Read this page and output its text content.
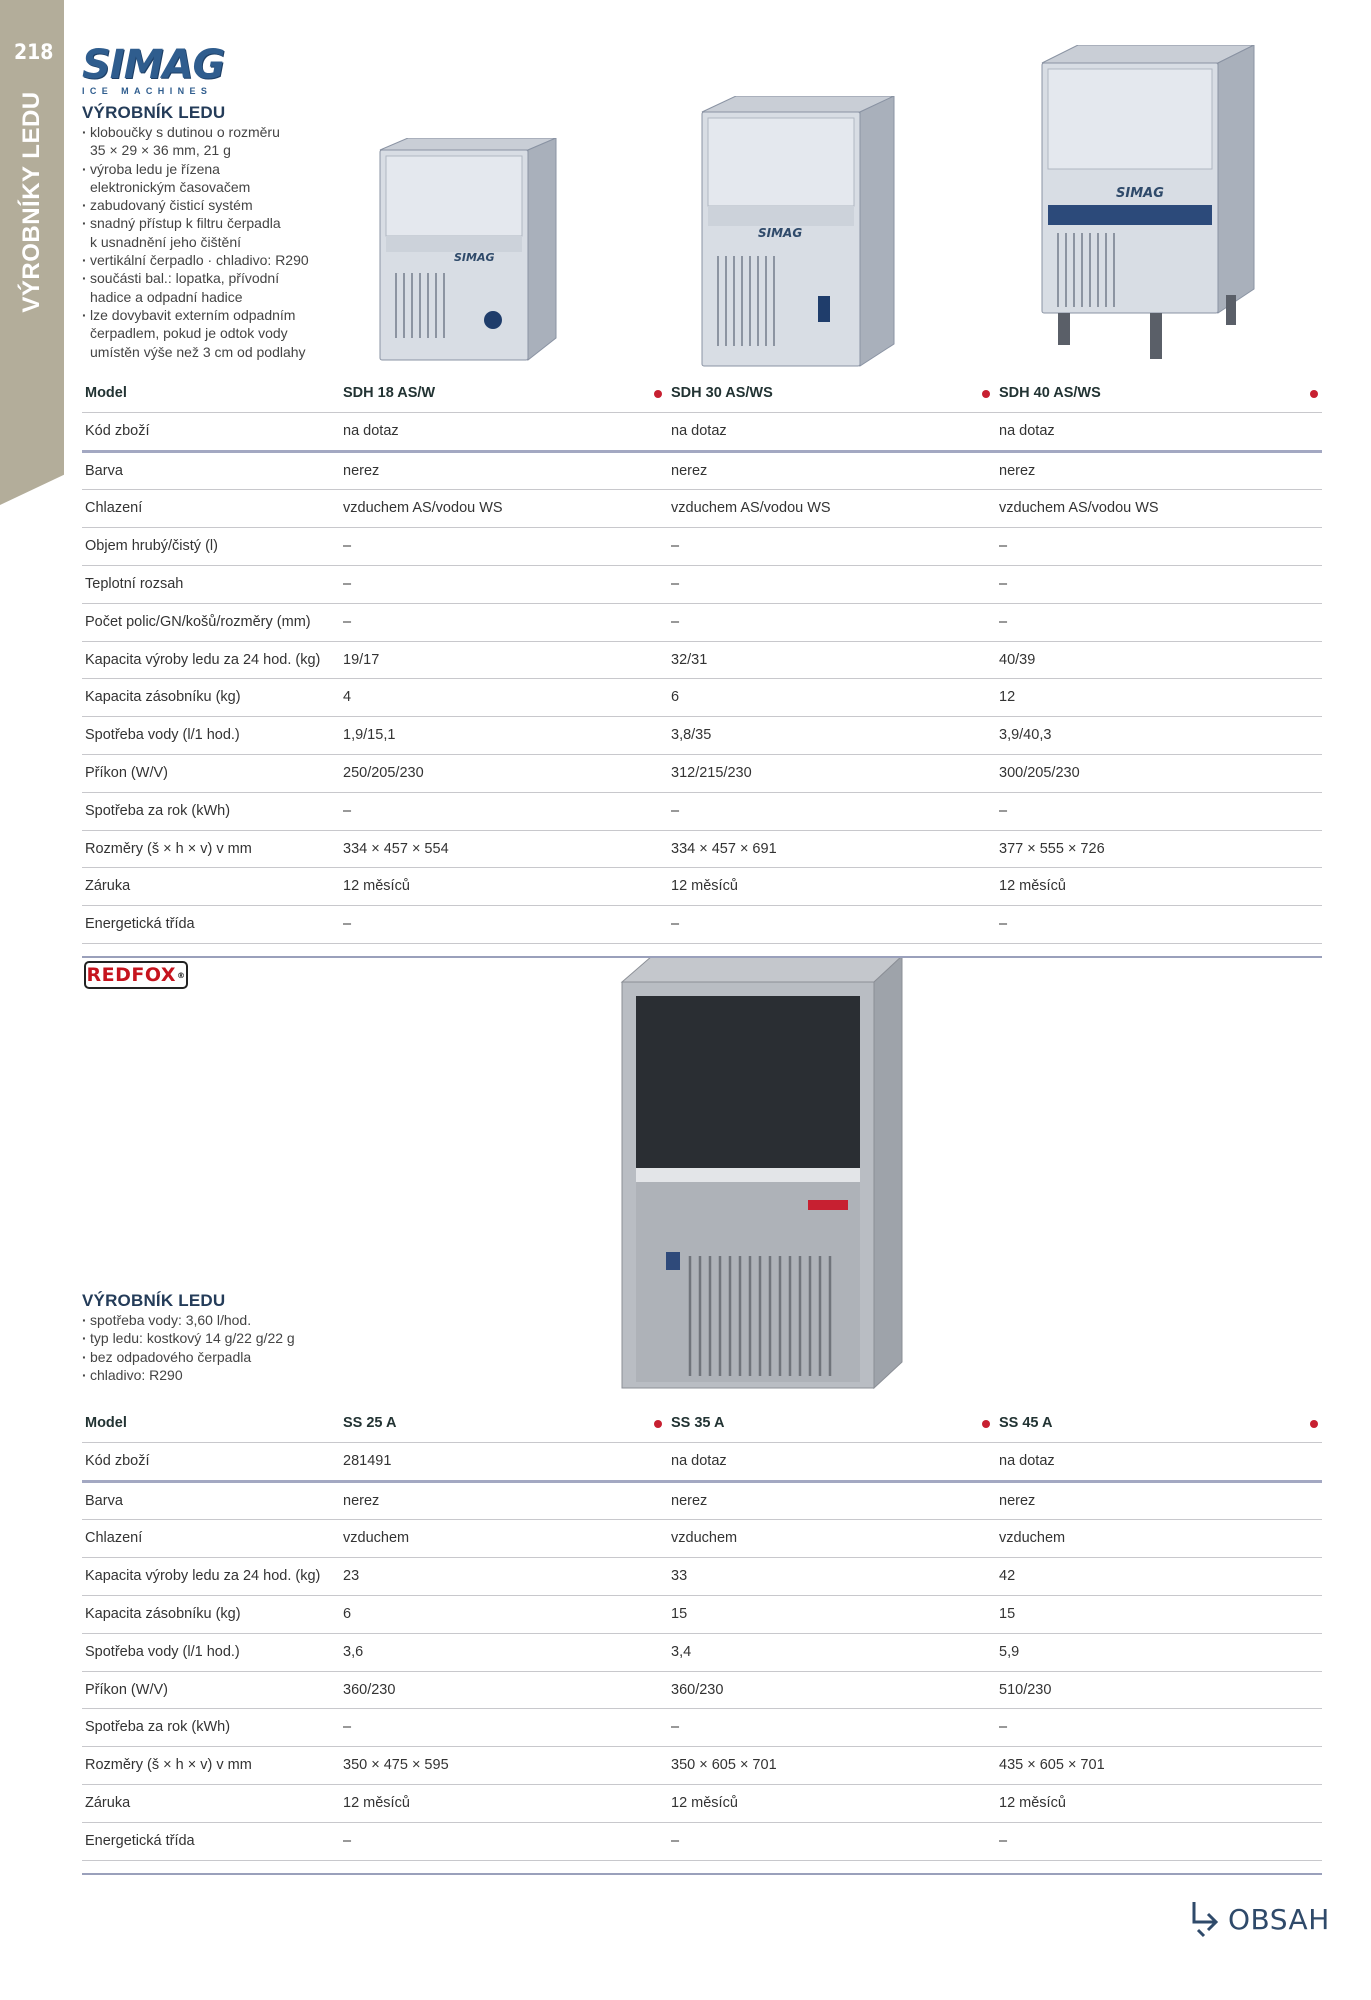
218
VÝROBNÍKY LEDU
SIMAG
ICE MACHINES
VÝROBNÍK LEDU
· kloboučky s dutinou o rozměru
35 × 29 × 36 mm, 21 g
· výroba ledu je řízena
elektronickým časovačem
· zabudovaný čisticí systém
· snadný přístup k filtru čerpadla
k usnadnění jeho čištění
· vertikální čerpadlo · chladivo: R290
· součásti bal.: lopatka, přívodní
hadice a odpadní hadice
· lze dovybavit externím odpadním
čerpadlem, pokud je odtok vody
umístěn výše než 3 cm od podlahy
SIMAG
SIMAG
SIMAG
Model	SDH 18 AS/W	SDH 30 AS/WS	SDH 40 AS/WS
Kód zboží	na dotaz	na dotaz	na dotaz
Barva	nerez	nerez	nerez
Chlazení	vzduchem AS/vodou WS	vzduchem AS/vodou WS	vzduchem AS/vodou WS
Objem hrubý/čistý (l)	–	–	–
Teplotní rozsah	–	–	–
Počet polic/GN/košů/rozměry (mm) –	–	–
Kapacita výroby ledu za 24 hod. (kg) 19/17	32/31	40/39
Kapacita zásobníku (kg)	4	6	12
Spotřeba vody (l/1 hod.)	1,9/15,1	3,8/35	3,9/40,3
Příkon (W/V)	250/205/230	312/215/230	300/205/230
Spotřeba za rok (kWh)	–	–	–
Rozměry (š × h × v) v mm	334 × 457 × 554	334 × 457 × 691	377 × 555 × 726
Záruka	12 měsíců	12 měsíců	12 měsíců
Energetická třída	–	–	–
REDFOX ®
VÝROBNÍK LEDU
· spotřeba vody: 3,60 l/hod.
· typ ledu: kostkový 14 g/22 g/22 g
· bez odpadového čerpadla
· chladivo: R290
Model	SS 25 A	SS 35 A	SS 45 A
Kód zboží	281491	na dotaz	na dotaz
Barva	nerez	nerez	nerez
Chlazení	vzduchem	vzduchem	vzduchem
Kapacita výroby ledu za 24 hod. (kg) 23	33	42
Kapacita zásobníku (kg)	6	15	15
Spotřeba vody (l/1 hod.)	3,6	3,4	5,9
Příkon (W/V)	360/230	360/230	510/230
Spotřeba za rok (kWh)	–	–	–
Rozměry (š × h × v) v mm	350 × 475 × 595	350 × 605 × 701	435 × 605 × 701
Záruka	12 měsíců	12 měsíců	12 měsíců
Energetická třída	–	–	–
OBSAH
